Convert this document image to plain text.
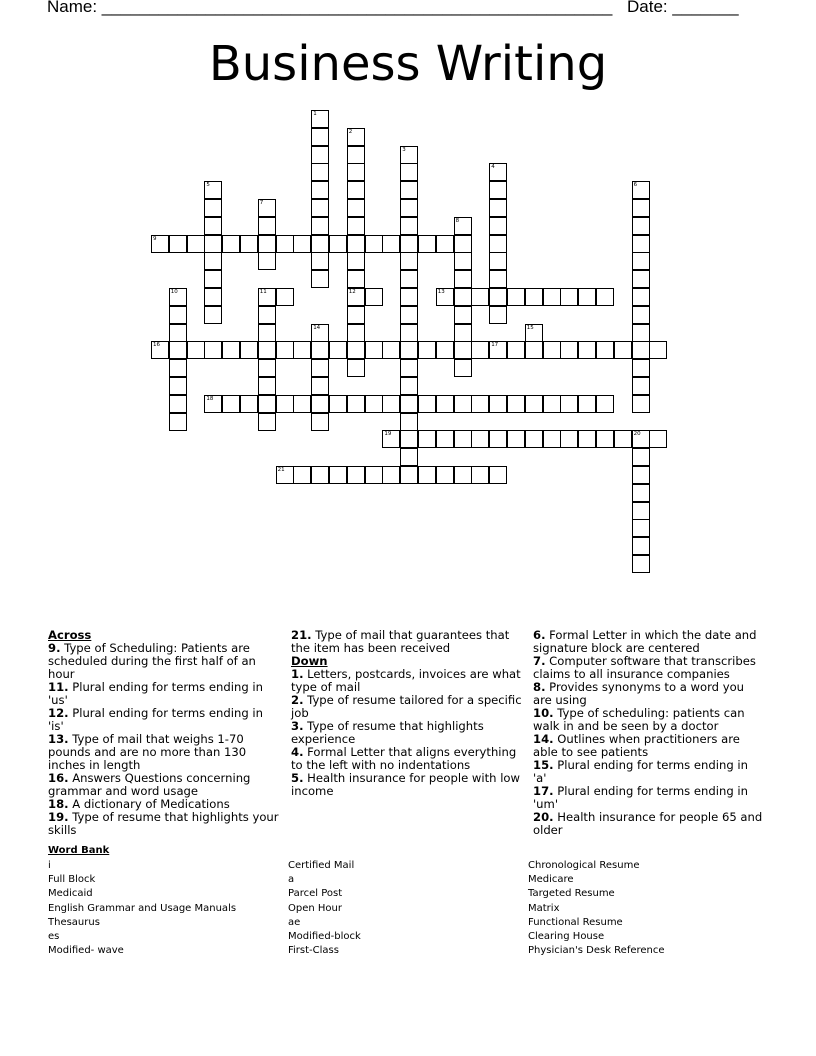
Name: ______________________________________________________ Date: _______
Business Writing
9
1
2
12
3
4
5	6
7
8
10	11	13
14	15
16	17
18
19	20
21
Across
9. Type of Scheduling: Patients are scheduled during the first half of an hour
11. Plural ending for terms ending in 'us'
12. Plural ending for terms ending in 'is'
13. Type of mail that weighs 1-70 pounds and are no more than 130 inches in length
16. Answers Questions concerning grammar and word usage
18. A dictionary of Medications
19. Type of resume that highlights your skills
21. Type of mail that guarantees that the item has been received
Down
1. Letters, postcards, invoices are what type of mail
2. Type of resume tailored for a specific job
3. Type of resume that highlights experience
4. Formal Letter that aligns everything to the left with no indentations
5. Health insurance for people with low income
6. Formal Letter in which the date and signature block are centered
7. Computer software that transcribes claims to all insurance companies
8. Provides synonyms to a word you are using
10. Type of scheduling: patients can walk in and be seen by a doctor
14. Outlines when practitioners are able to see patients
15. Plural ending for terms ending in 'a'
17. Plural ending for terms ending in 'um'
20. Health insurance for people 65 and older
Word Bank
i
Full Block
Medicaid
English Grammar and Usage Manuals
Thesaurus
es
Modified- wave
Certified Mail
a
Parcel Post
Open Hour
ae
Modified-block
First-Class
Chronological Resume
Medicare
Targeted Resume
Matrix
Functional Resume
Clearing House
Physician's Desk Reference
